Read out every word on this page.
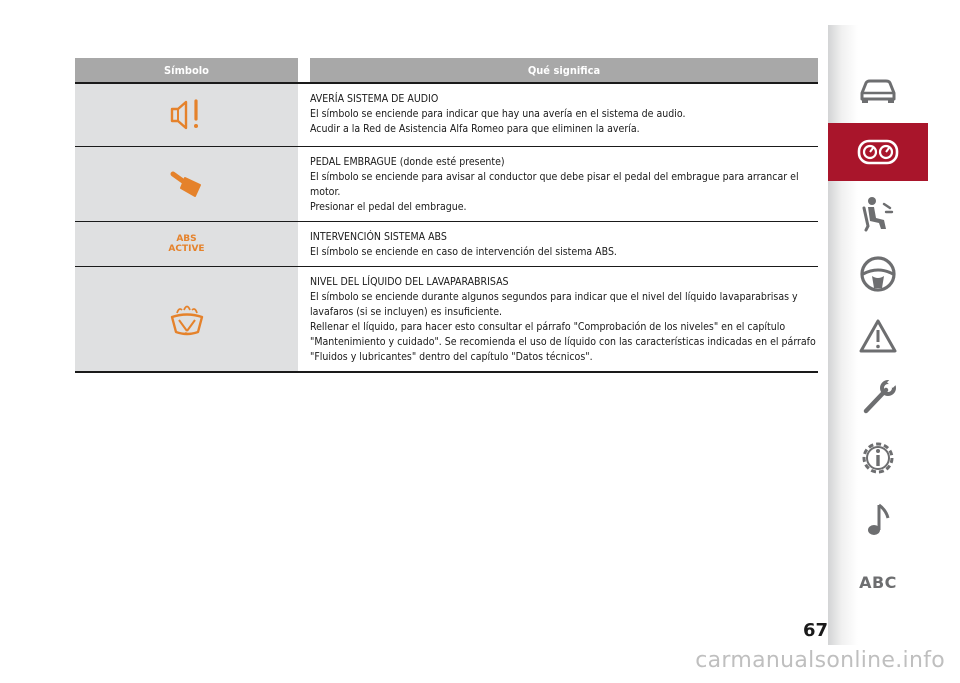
Símbolo	Qué significa

AVERÍA SISTEMA DE AUDIO

El símbolo se enciende para indicar que hay una avería en el sistema de audio.

Acudir a la Red de Asistencia Alfa Romeo para que eliminen la avería.

PEDAL EMBRAGUE (donde esté presente)

El símbolo se enciende para avisar al conductor que debe pisar el pedal del embrague para arrancar el motor.

Presionar el pedal del embrague.

ABS
ACTIVE

INTERVENCIÓN SISTEMA ABS

El símbolo se enciende en caso de intervención del sistema ABS.

NIVEL DEL LÍQUIDO DEL LAVAPARABRISAS

El símbolo se enciende durante algunos segundos para indicar que el nivel del líquido lavaparabrisas y lavafaros (si se incluyen) es insuficiente.

Rellenar el líquido, para hacer esto consultar el párrafo "Comprobación de los niveles" en el capítulo "Mantenimiento y cuidado". Se recomienda el uso de líquido con las características indicadas en el párrafo "Fluidos y lubricantes" dentro del capítulo "Datos técnicos".

ABC
67
carmanualsonline.info
